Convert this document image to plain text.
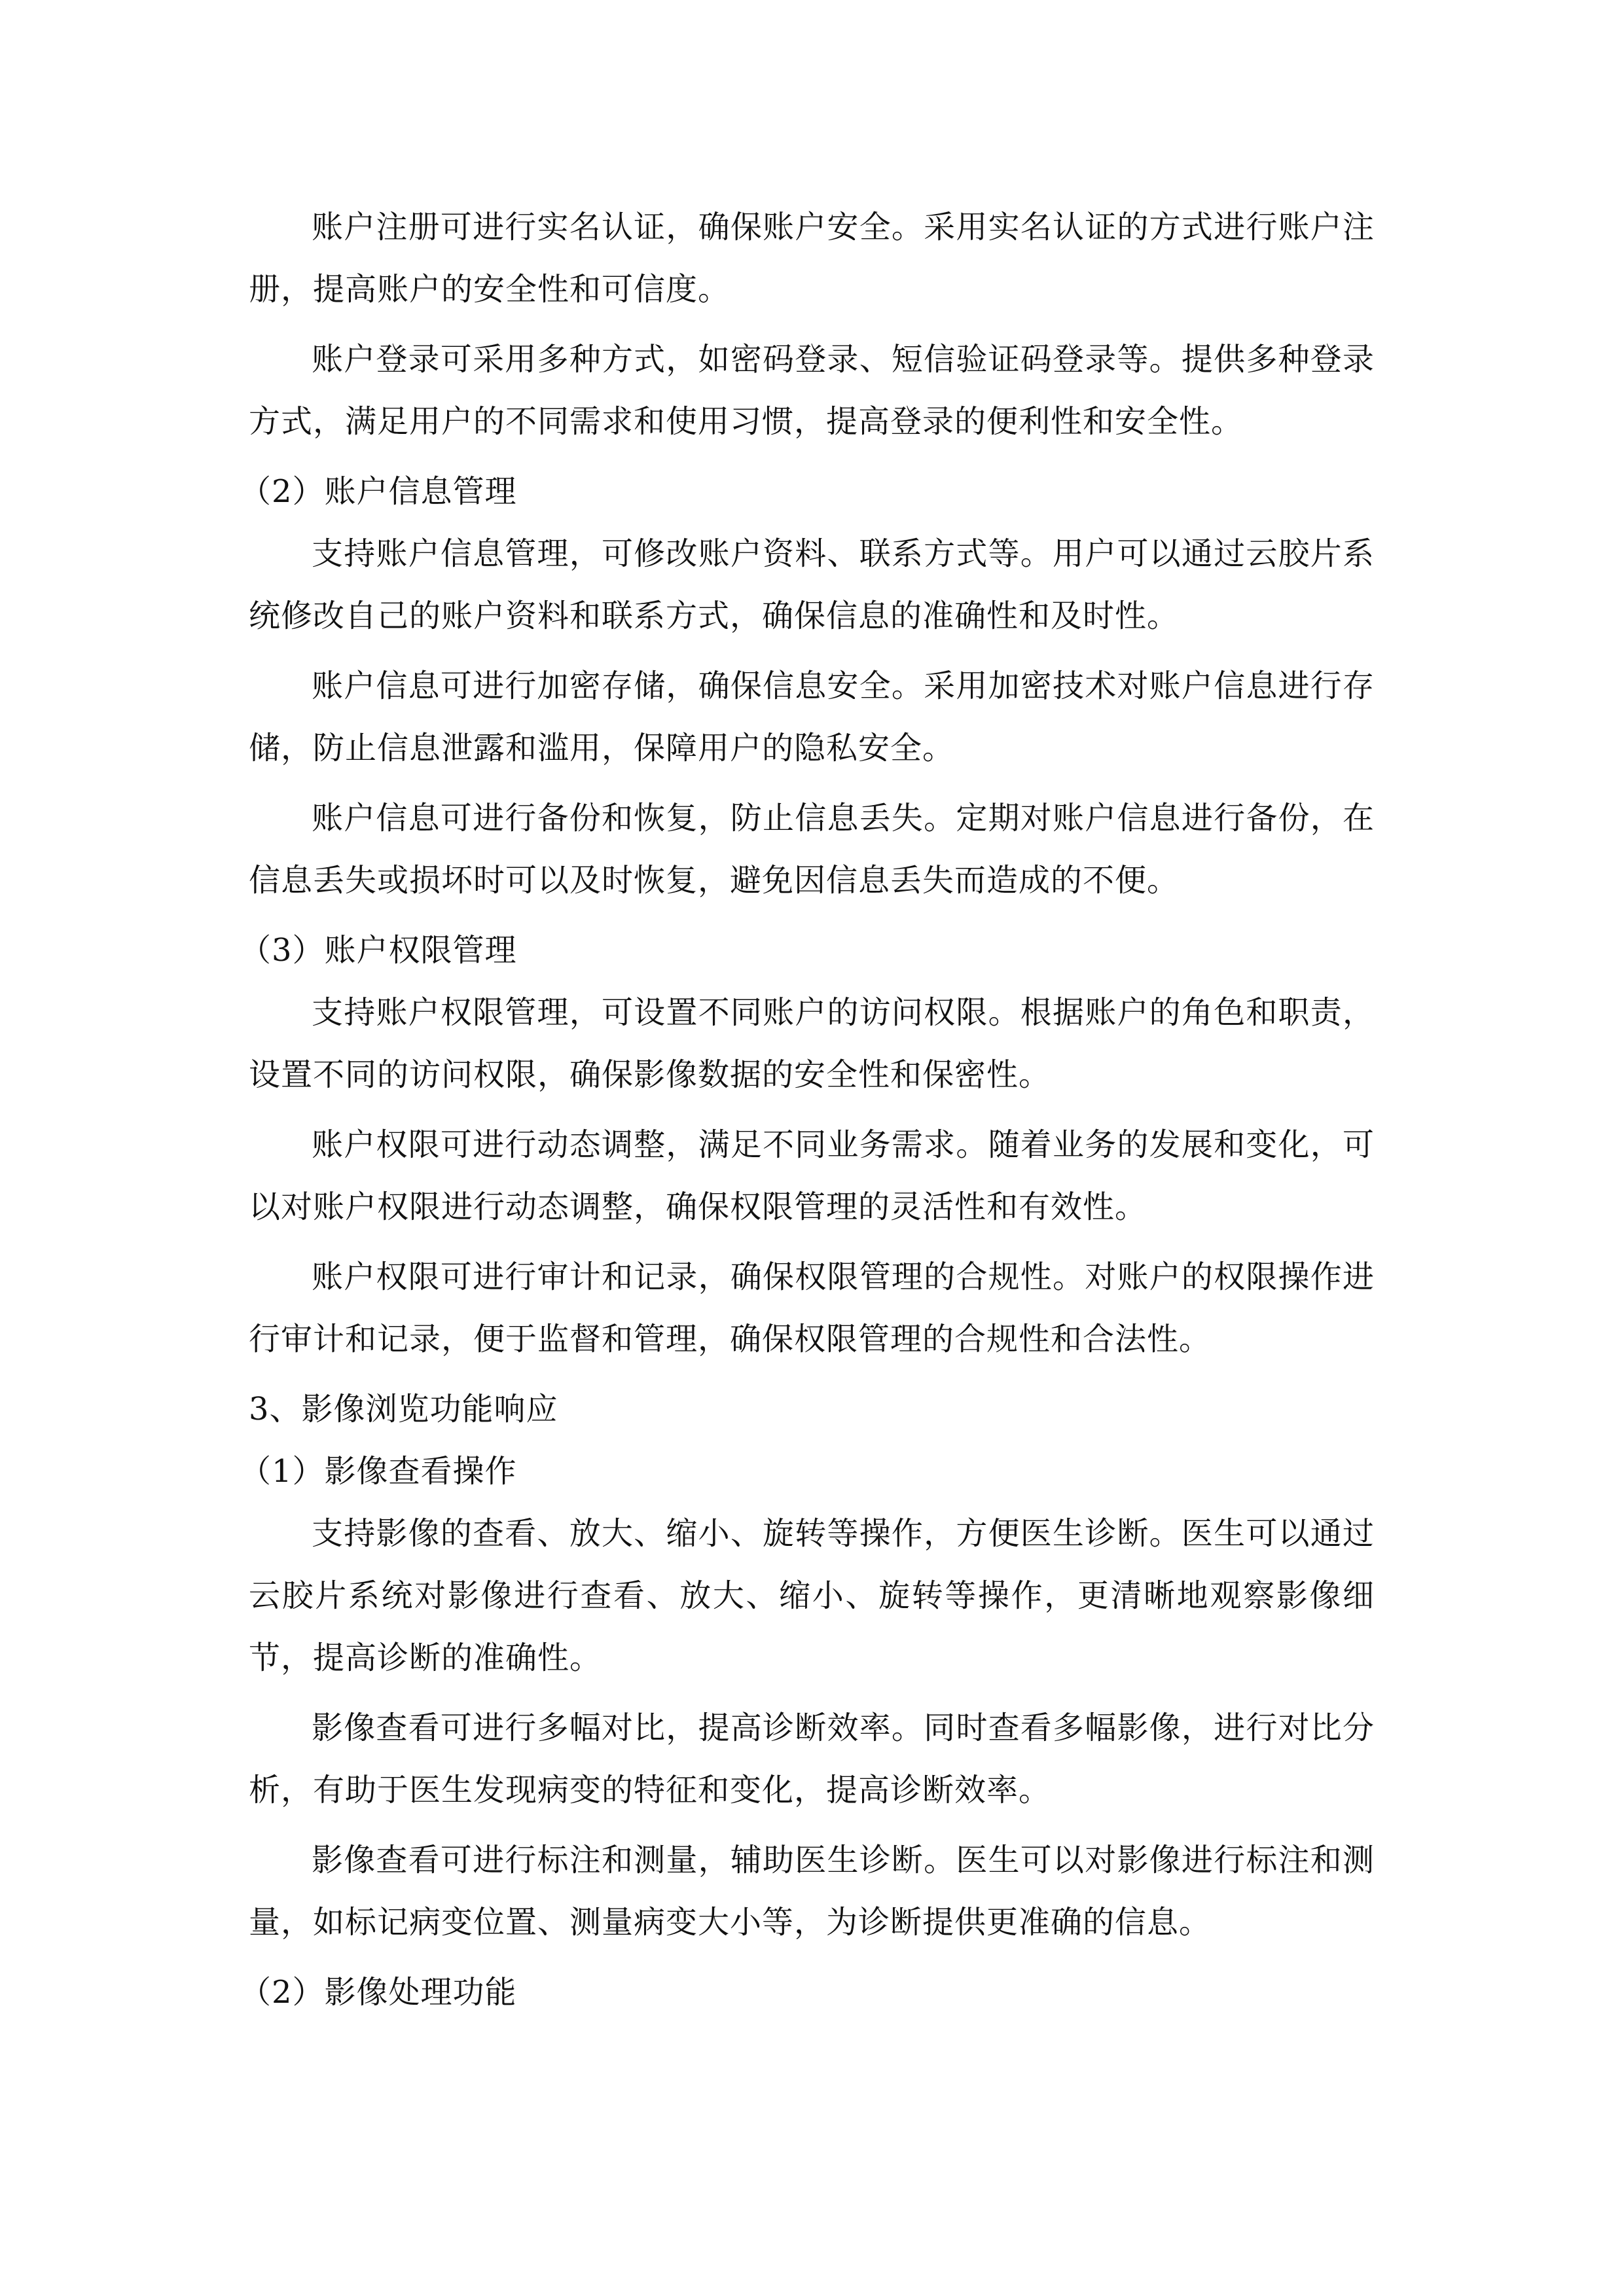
账户注册可进行实名认证，确保账户安全。采用实名认证的方式进行账户注册，提高账户的安全性和可信度。

账户登录可采用多种方式，如密码登录、短信验证码登录等。提供多种登录方式，满足用户的不同需求和使用习惯，提高登录的便利性和安全性。

（2）账户信息管理

支持账户信息管理，可修改账户资料、联系方式等。用户可以通过云胶片系统修改自己的账户资料和联系方式，确保信息的准确性和及时性。

账户信息可进行加密存储，确保信息安全。采用加密技术对账户信息进行存储，防止信息泄露和滥用，保障用户的隐私安全。

账户信息可进行备份和恢复，防止信息丢失。定期对账户信息进行备份，在信息丢失或损坏时可以及时恢复，避免因信息丢失而造成的不便。

（3）账户权限管理

支持账户权限管理，可设置不同账户的访问权限。根据账户的角色和职责，设置不同的访问权限，确保影像数据的安全性和保密性。

账户权限可进行动态调整，满足不同业务需求。随着业务的发展和变化，可以对账户权限进行动态调整，确保权限管理的灵活性和有效性。

账户权限可进行审计和记录，确保权限管理的合规性。对账户的权限操作进行审计和记录，便于监督和管理，确保权限管理的合规性和合法性。

3、影像浏览功能响应

（1）影像查看操作

支持影像的查看、放大、缩小、旋转等操作，方便医生诊断。医生可以通过云胶片系统对影像进行查看、放大、缩小、旋转等操作，更清晰地观察影像细节，提高诊断的准确性。

影像查看可进行多幅对比，提高诊断效率。同时查看多幅影像，进行对比分析，有助于医生发现病变的特征和变化，提高诊断效率。

影像查看可进行标注和测量，辅助医生诊断。医生可以对影像进行标注和测量，如标记病变位置、测量病变大小等，为诊断提供更准确的信息。

（2）影像处理功能
